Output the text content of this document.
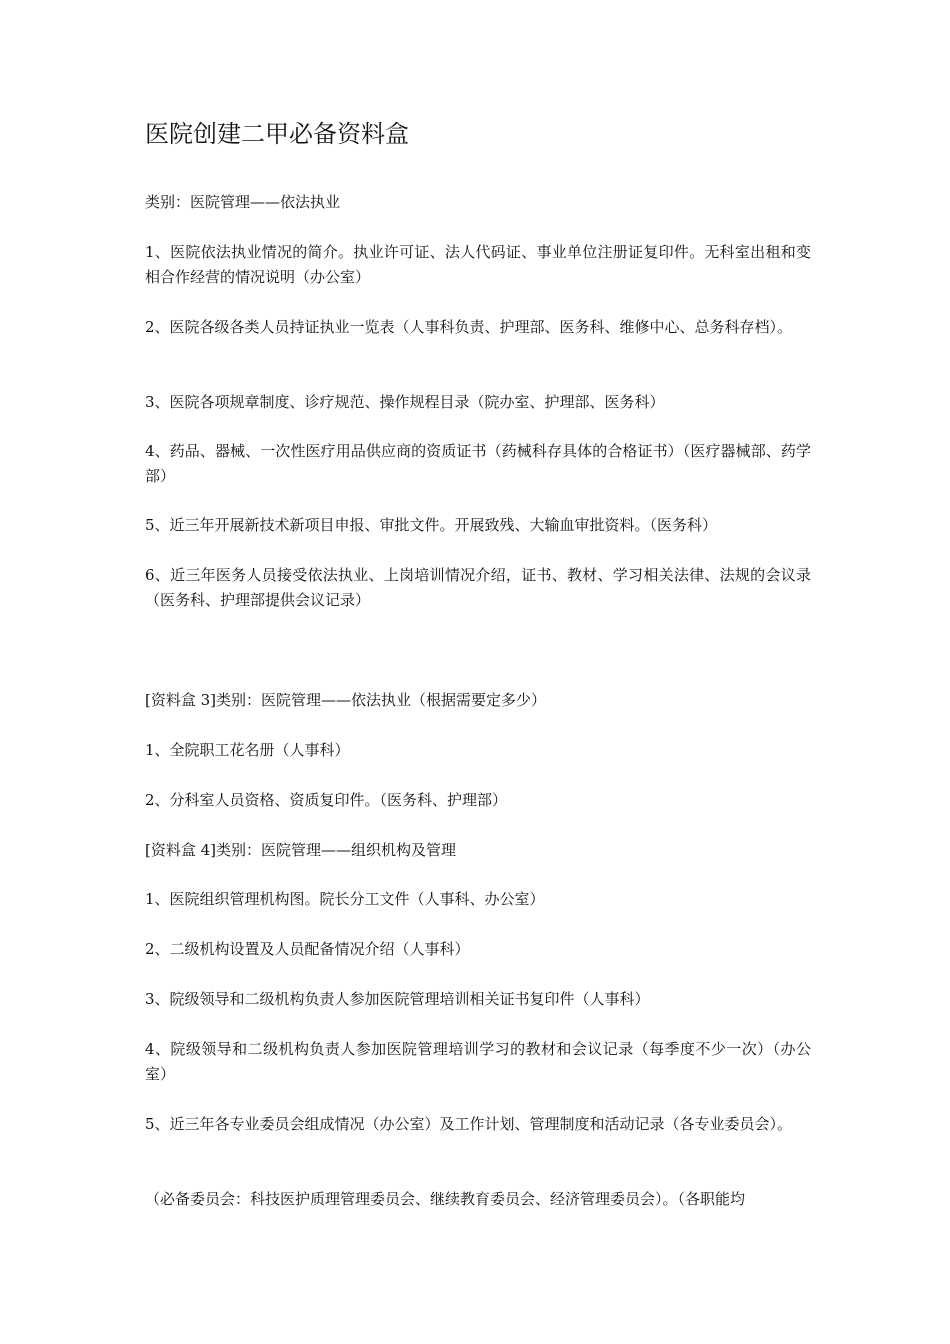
医院创建二甲必备资料盒

类别：医院管理——依法执业

1、医院依法执业情况的简介。执业许可证、法人代码证、事业单位注册证复印件。无科室出租和变相合作经营的情况说明（办公室）

2、医院各级各类人员持证执业一览表（人事科负责、护理部、医务科、维修中心、总务科存档）。

3、医院各项规章制度、诊疗规范、操作规程目录（院办室、护理部、医务科）

4、药品、器械、一次性医疗用品供应商的资质证书（药械科存具体的合格证书）（医疗器械部、药学部）

5、近三年开展新技术新项目申报、审批文件。开展致残、大输血审批资料。（医务科）

6、近三年医务人员接受依法执业、上岗培训情况介绍，证书、教材、学习相关法律、法规的会议录（医务科、护理部提供会议记录）

[资料盒 3]类别：医院管理——依法执业（根据需要定多少）

1、全院职工花名册（人事科）

2、分科室人员资格、资质复印件。（医务科、护理部）

[资料盒 4]类别：医院管理——组织机构及管理

1、医院组织管理机构图。院长分工文件（人事科、办公室）

2、二级机构设置及人员配备情况介绍（人事科）

3、院级领导和二级机构负责人参加医院管理培训相关证书复印件（人事科）

4、院级领导和二级机构负责人参加医院管理培训学习的教材和会议记录（每季度不少一次）（办公室）

5、近三年各专业委员会组成情况（办公室）及工作计划、管理制度和活动记录（各专业委员会）。

（必备委员会：科技医护质理管理委员会、继续教育委员会、经济管理委员会）。（各职能均
